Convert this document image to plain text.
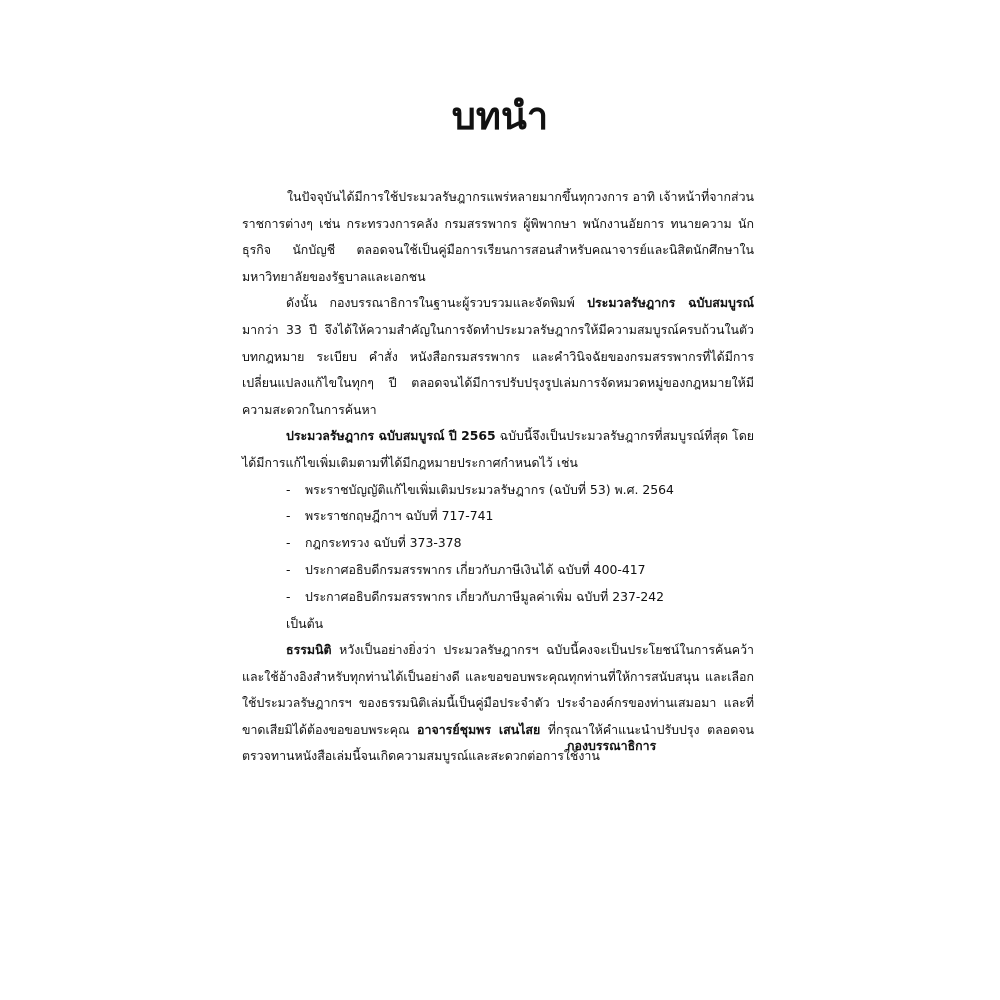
บทนำ

ในปัจจุบันได้มีการใช้ประมวลรัษฎากรแพร่หลายมากขึ้นทุกวงการ อาทิ เจ้าหน้าที่จากส่วนราชการต่างๆ เช่น กระทรวงการคลัง กรมสรรพากร ผู้พิพากษา พนักงานอัยการ ทนายความ นักธุรกิจ นักบัญชี ตลอดจนใช้เป็นคู่มือการเรียนการสอนสำหรับคณาจารย์และนิสิตนักศึกษาในมหาวิทยาลัยของรัฐบาลและเอกชน

ดังนั้น กองบรรณาธิการในฐานะผู้รวบรวมและจัดพิมพ์ ประมวลรัษฎากร ฉบับสมบูรณ์ มากว่า 33 ปี จึงได้ให้ความสำคัญในการจัดทำประมวลรัษฎากรให้มีความสมบูรณ์ครบถ้วนในตัวบทกฎหมาย ระเบียบ คำสั่ง หนังสือกรมสรรพากร และคำวินิจฉัยของกรมสรรพากรที่ได้มีการเปลี่ยนแปลงแก้ไขในทุกๆ ปี ตลอดจนได้มีการปรับปรุงรูปเล่มการจัดหมวดหมู่ของกฎหมายให้มีความสะดวกในการค้นหา

ประมวลรัษฎากร ฉบับสมบูรณ์ ปี 2565 ฉบับนี้จึงเป็นประมวลรัษฎากรที่สมบูรณ์ที่สุด โดยได้มีการแก้ไขเพิ่มเติมตามที่ได้มีกฎหมายประกาศกำหนดไว้ เช่น

- พระราชบัญญัติแก้ไขเพิ่มเติมประมวลรัษฎากร (ฉบับที่ 53) พ.ศ. 2564
- พระราชกฤษฎีกาฯ ฉบับที่ 717-741
- กฎกระทรวง ฉบับที่ 373-378
- ประกาศอธิบดีกรมสรรพากร เกี่ยวกับภาษีเงินได้ ฉบับที่ 400-417
- ประกาศอธิบดีกรมสรรพากร เกี่ยวกับภาษีมูลค่าเพิ่ม ฉบับที่ 237-242

เป็นต้น

ธรรมนิติ หวังเป็นอย่างยิ่งว่า ประมวลรัษฎากรฯ ฉบับนี้คงจะเป็นประโยชน์ในการค้นคว้าและใช้อ้างอิงสำหรับทุกท่านได้เป็นอย่างดี และขอขอบพระคุณทุกท่านที่ให้การสนับสนุน และเลือกใช้ประมวลรัษฎากรฯ ของธรรมนิติเล่มนี้เป็นคู่มือประจำตัว ประจำองค์กรของท่านเสมอมา และที่ขาดเสียมิได้ต้องขอขอบพระคุณ อาจารย์ชุมพร เสนไสย ที่กรุณาให้คำแนะนำปรับปรุง ตลอดจนตรวจทานหนังสือเล่มนี้จนเกิดความสมบูรณ์และสะดวกต่อการใช้งาน

กองบรรณาธิการ
